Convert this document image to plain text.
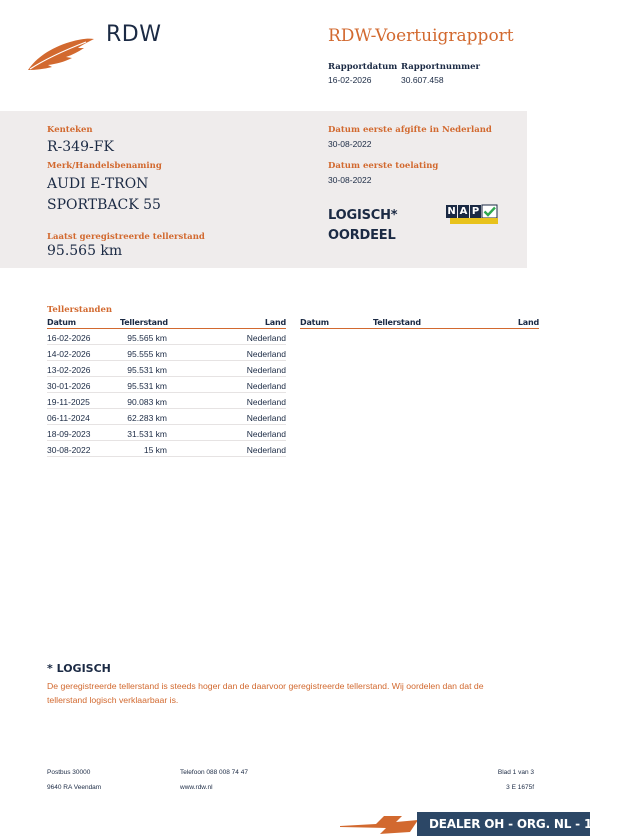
RDW	RDW-Voertuigrapport
Rapportdatum
16-02-2026
Rapportnummer
30.607.458
Kenteken
R-349-FK
Merk/Handelsbenaming
AUDI E-TRON
SPORTBACK 55
Laatst geregistreerde tellerstand
95.565 km
Datum eerste afgifte in Nederland
30-08-2022
Datum eerste toelating
30-08-2022
LOGISCH*
OORDEEL
N A P
Tellerstanden
Datum	Tellerstand	Land
16-02-2026	95.565 km	Nederland
14-02-2026	95.555 km	Nederland
13-02-2026	95.531 km	Nederland
30-01-2026	95.531 km	Nederland
19-11-2025	90.083 km	Nederland
06-11-2024	62.283 km	Nederland
18-09-2023	31.531 km	Nederland
30-08-2022	15 km	Nederland
Datum	Tellerstand	Land
* LOGISCH
De geregistreerde tellerstand is steeds hoger dan de daarvoor geregistreerde tellerstand. Wij oordelen dan dat de tellerstand logisch verklaarbaar is.
Postbus 30000
9640 RA Veendam
Telefoon 088 008 74 47
www.rdw.nl
Blad 1 van 3
3 E 1675f
DEALER OH - ORG. NL - 1E EIG
